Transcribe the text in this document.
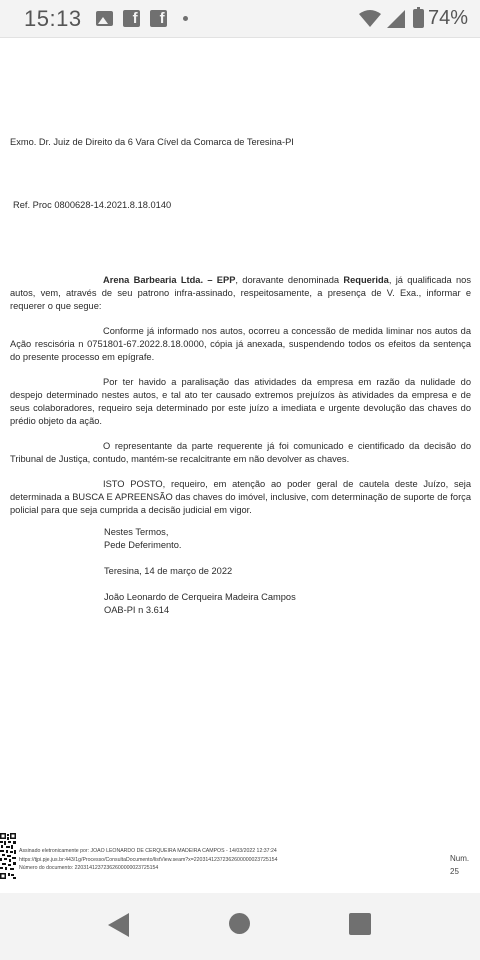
15:13	f	f	74%
Exmo. Dr. Juiz de Direito da 6 Vara Cível da Comarca de Teresina-PI
Ref. Proc 0800628-14.2021.8.18.0140

Arena Barbearia Ltda. – EPP, doravante denominada Requerida, já qualificada nos autos, vem, através de seu patrono infra-assinado, respeitosamente, a presença de V. Exa., informar e requerer o que segue:

Conforme já informado nos autos, ocorreu a concessão de medida liminar nos autos da Ação rescisória n 0751801-67.2022.8.18.0000, cópia já anexada, suspendendo todos os efeitos da sentença do presente processo em epígrafe.

Por ter havido a paralisação das atividades da empresa em razão da nulidade do despejo determinado nestes autos, e tal ato ter causado extremos prejuízos às atividades da empresa e de seus colaboradores, requeiro seja determinado por este juízo a imediata e urgente devolução das chaves do prédio objeto da ação.

O representante da parte requerente já foi comunicado e cientificado da decisão do Tribunal de Justiça, contudo, mantém-se recalcitrante em não devolver as chaves.

ISTO POSTO, requeiro, em atenção ao poder geral de cautela deste Juízo, seja determinada a BUSCA E APREENSÃO das chaves do imóvel, inclusive, com determinação de suporte de força policial para que seja cumprida a decisão judicial em vigor.

Nestes Termos,
Pede Deferimento.
Teresina, 14 de março de 2022
João Leonardo de Cerqueira Madeira Campos
OAB-PI n 3.614
Assinado eletronicamente por: JOAO LEONARDO DE CERQUEIRA MADEIRA CAMPOS - 14/03/2022 12:37:24
https://tjpi.pje.jus.br:443/1g/Processo/ConsultaDocumento/listView.seam?x=22031412372362600000023725154
Número do documento: 22031412372362600000023725154
Num. 25
